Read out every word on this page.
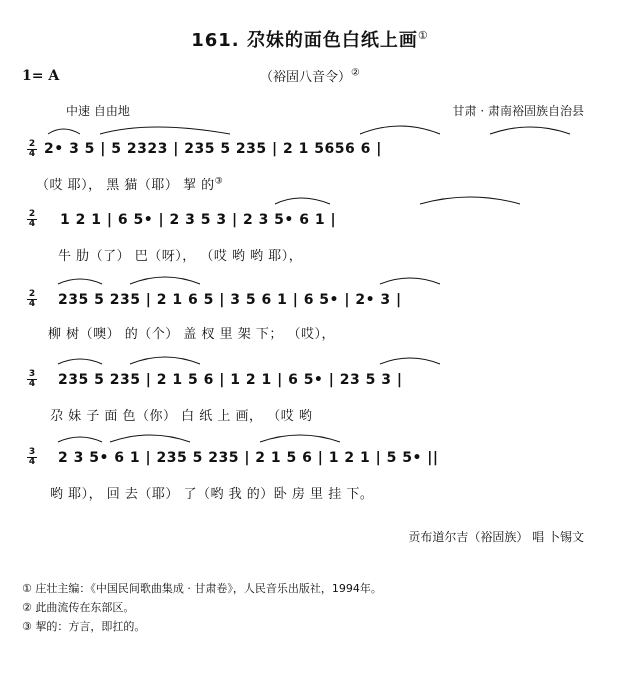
161. 尕妹的面色白纸上画①
1= A	（裕固八音令）②
中速 自由地	甘肃 · 肃南裕固族自治县
2
4 2• 3 5 | 5 2323 | 235 5 235 | 2 1 5656 6 |
（哎 耶）， 黑 猫（耶） 挈 的③
2
4 1 2 1 | 6 5• | 2 3 5 3 | 2 3 5• 6 1 |
牛 肋（了） 巴（呀）， （哎 哟 哟 耶），
2
4 235 5 235 | 2 1 6 5 | 3 5 6 1 | 6 5• | 2• 3 |
柳 树（噢） 的（个） 盖 杈 里 架 下； （哎），
3
4 235 5 235 | 2 1 5 6 | 1 2 1 | 6 5• | 23 5 3 |
尕 妹 子 面 色（你） 白 纸 上 画， （哎 哟
3
4 2 3 5• 6 1 | 235 5 235 | 2 1 5 6 | 1 2 1 | 5 5• ||
哟 耶）， 回 去（耶） 了（哟 我 的）卧 房 里 挂 下。
贡布道尔吉（裕固族） 唱 卜锡文
① 庄壮主编：《中国民间歌曲集成 · 甘肃卷》，人民音乐出版社，1994年。
② 此曲流传在东部区。
③ 挈的：方言，即扛的。
